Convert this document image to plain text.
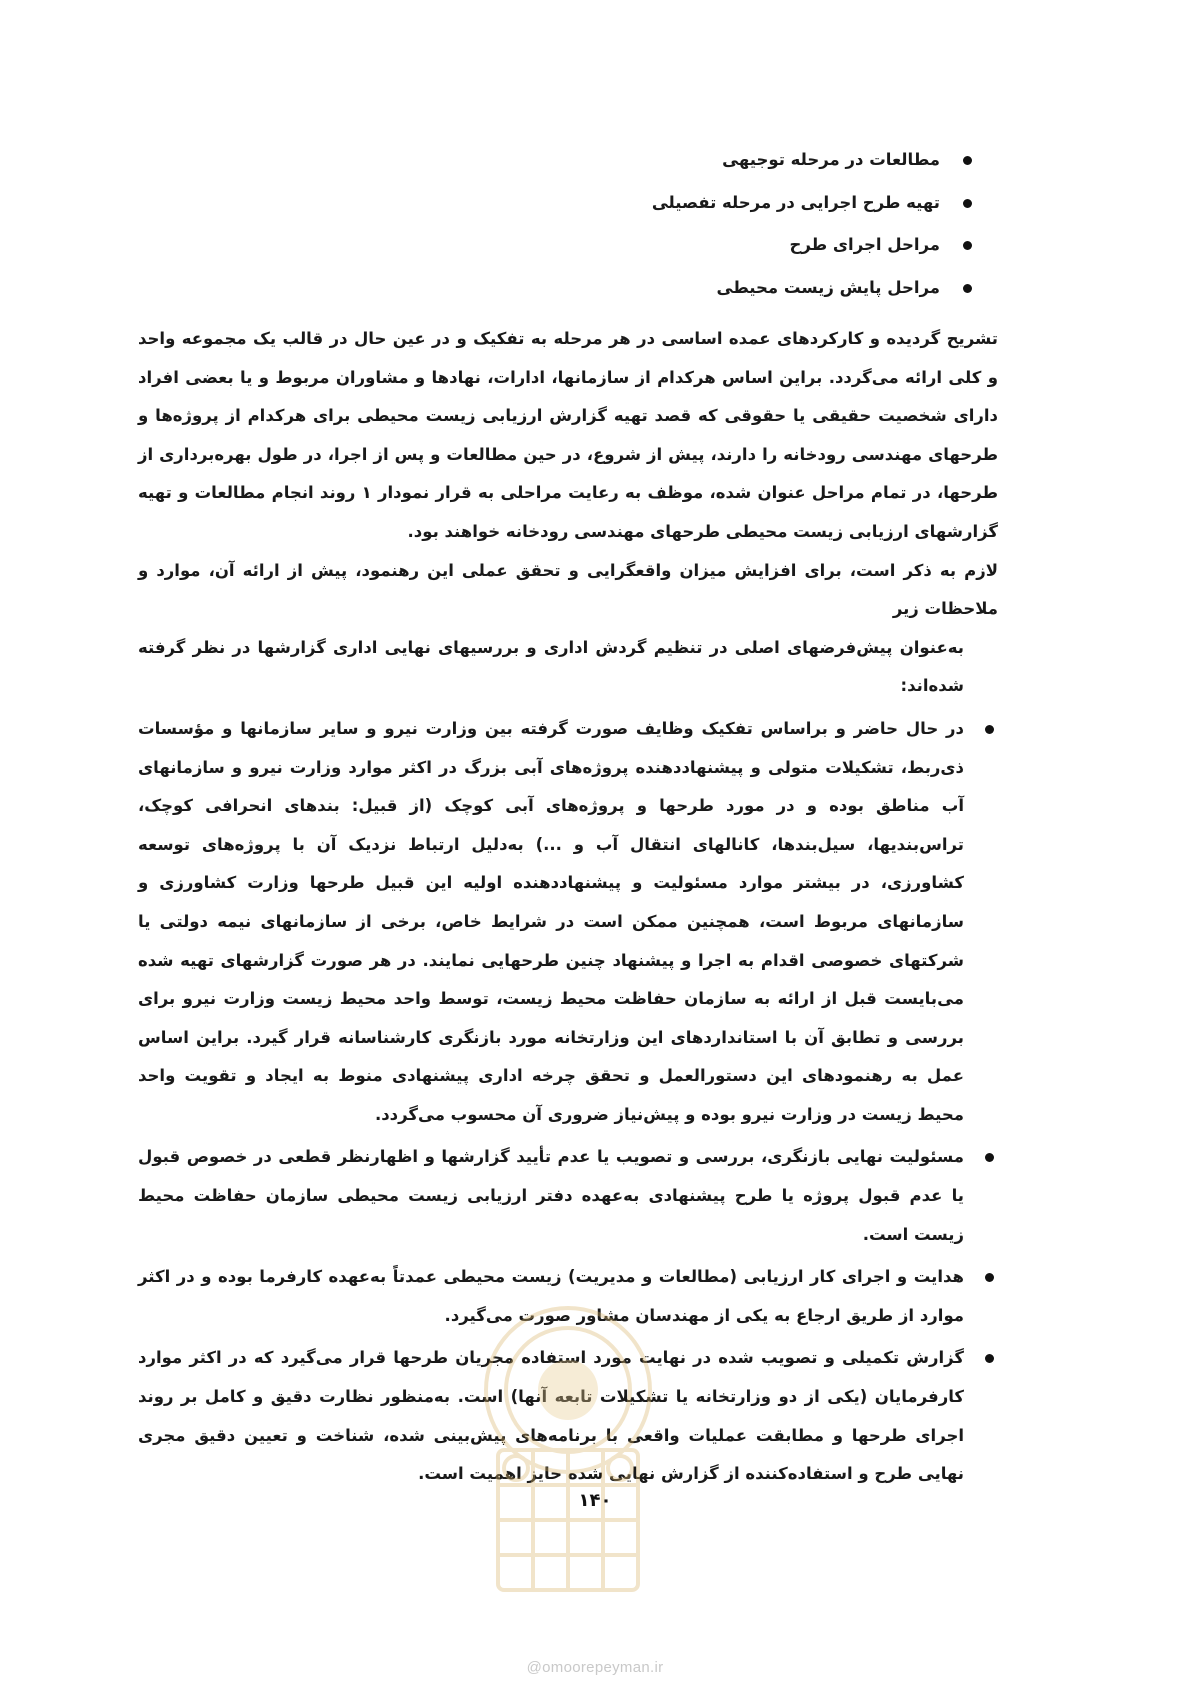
مطالعات در مرحله توجیهی
تهیه طرح اجرایی در مرحله تفصیلی
مراحل اجرای طرح
مراحل پایش زیست محیطی

تشریح گردیده و کارکردهای عمده اساسی در هر مرحله به تفکیک و در عین حال در قالب یک مجموعه واحد و کلی ارائه می‌گردد. براین اساس هرکدام از سازمانها، ادارات، نهادها و مشاوران مربوط و یا بعضی افراد دارای شخصیت حقیقی یا حقوقی که قصد تهیه گزارش ارزیابی زیست محیطی برای هرکدام از پروژه‌ها و طرحهای مهندسی رودخانه را دارند، پیش از شروع، در حین مطالعات و پس از اجرا، در طول بهره‌برداری از طرحها، در تمام مراحل عنوان شده، موظف به رعایت مراحلی به قرار نمودار ۱ روند انجام مطالعات و تهیه گزارشهای ارزیابی زیست محیطی طرحهای مهندسی رودخانه خواهند بود.

لازم به ذکر است، برای افزایش میزان واقعگرایی و تحقق عملی این رهنمود، پیش از ارائه آن، موارد و ملاحظات زیر

به‌عنوان پیش‌فرضهای اصلی در تنظیم گردش اداری و بررسیهای نهایی اداری گزارشها در نظر گرفته شده‌اند:

در حال حاضر و براساس تفکیک وظایف صورت گرفته بین وزارت نیرو و سایر سازمانها و مؤسسات ذی‌ربط، تشکیلات متولی و پیشنهاددهنده پروژه‌های آبی بزرگ در اکثر موارد وزارت نیرو و سازمانهای آب مناطق بوده و در مورد طرحها و پروژه‌های آبی کوچک (از قبیل: بندهای انحرافی کوچک، تراس‌بندیها، سیل‌بندها، کانالهای انتقال آب و ...) به‌دلیل ارتباط نزدیک آن با پروژه‌های توسعه کشاورزی، در بیشتر موارد مسئولیت و پیشنهاددهنده اولیه این قبیل طرحها وزارت کشاورزی و سازمانهای مربوط است، همچنین ممکن است در شرایط خاص، برخی از سازمانهای نیمه دولتی یا شرکتهای خصوصی اقدام به اجرا و پیشنهاد چنین طرحهایی نمایند. در هر صورت گزارشهای تهیه شده می‌بایست قبل از ارائه به سازمان حفاظت محیط زیست، توسط واحد محیط زیست وزارت نیرو برای بررسی و تطابق آن با استانداردهای این وزارتخانه مورد بازنگری کارشناسانه قرار گیرد. براین اساس عمل به رهنمودهای این دستورالعمل و تحقق چرخه اداری پیشنهادی منوط به ایجاد و تقویت واحد محیط زیست در وزارت نیرو بوده و پیش‌نیاز ضروری آن محسوب می‌گردد.
مسئولیت نهایی بازنگری، بررسی و تصویب یا عدم تأیید گزارشها و اظهارنظر قطعی در خصوص قبول یا عدم قبول پروژه یا طرح پیشنهادی به‌عهده دفتر ارزیابی زیست محیطی سازمان حفاظت محیط زیست است.
هدایت و اجرای کار ارزیابی (مطالعات و مدیریت) زیست محیطی عمدتاً به‌عهده کارفرما بوده و در اکثر موارد از طریق ارجاع به یکی از مهندسان مشاور صورت می‌گیرد.
گزارش تکمیلی و تصویب شده در نهایت مورد استفاده مجریان طرحها قرار می‌گیرد که در اکثر موارد کارفرمایان (یکی از دو وزارتخانه یا تشکیلات تابعه آنها) است. به‌منظور نظارت دقیق و کامل بر روند اجرای طرحها و مطابقت عملیات واقعی با برنامه‌های پیش‌بینی شده، شناخت و تعیین دقیق مجری نهایی طرح و استفاده‌کننده از گزارش نهایی شده حایز اهمیت است.
۱۴۰
@omoorepeyman.ir
